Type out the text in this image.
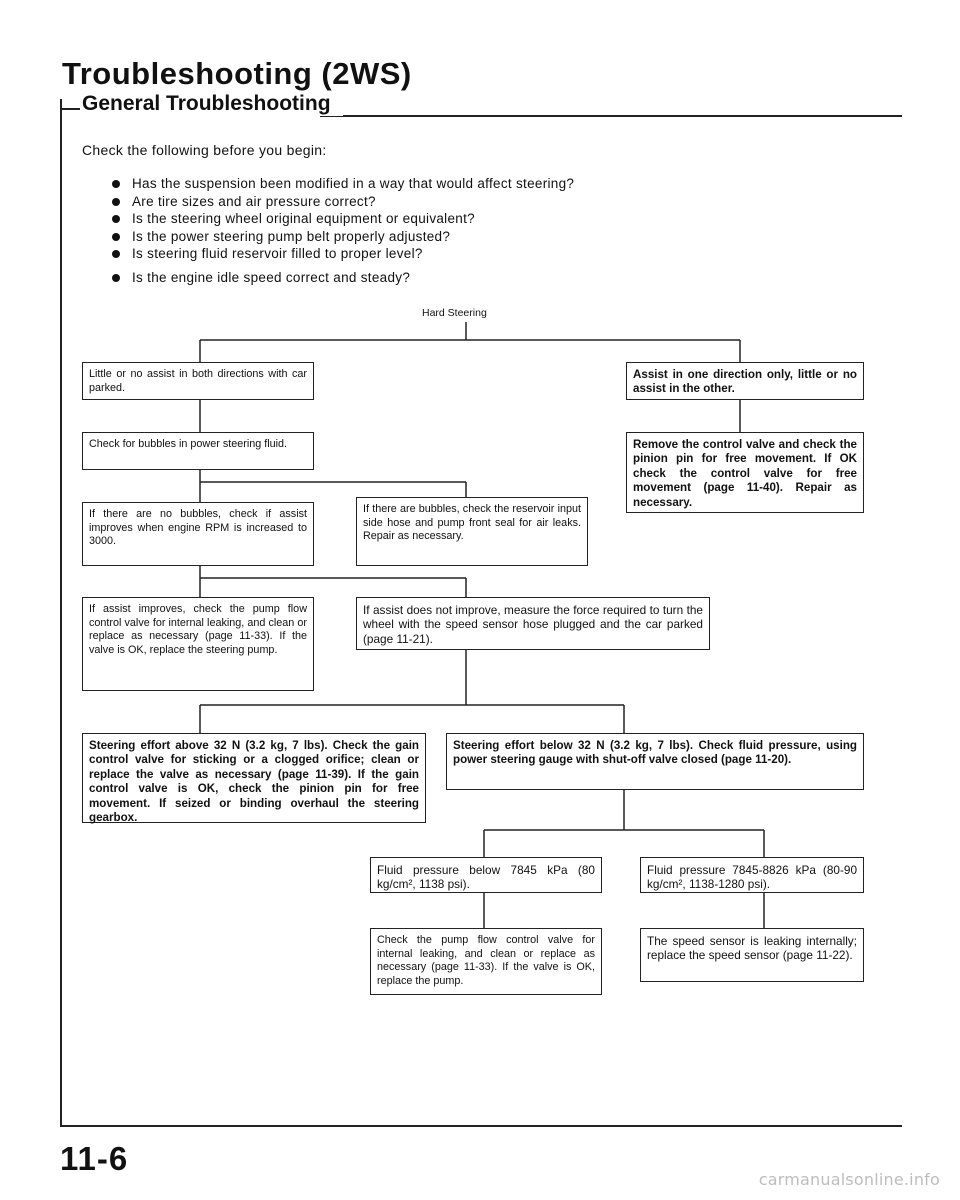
Troubleshooting (2WS)
General Troubleshooting
Check the following before you begin:
Has the suspension been modified in a way that would affect steering?
Are tire sizes and air pressure correct?
Is the steering wheel original equipment or equivalent?
Is the power steering pump belt properly adjusted?
Is steering fluid reservoir filled to proper level?
Is the engine idle speed correct and steady?
Hard Steering
Little or no assist in both directions with car parked.
Assist in one direction only, little or no assist in the other.
Check for bubbles in power steering fluid.	Remove the control valve and check the pinion pin for free movement. If OK check the control valve for free movement (page 11-40). Repair as necessary.
If there are no bubbles, check if assist improves when engine RPM is increased to 3000.
If there are bubbles, check the reservoir input side hose and pump front seal for air leaks. Repair as necessary.
If assist improves, check the pump flow control valve for internal leaking, and clean or replace as necessary (page 11-33). If the valve is OK, replace the steering pump.
If assist does not improve, measure the force required to turn the wheel with the speed sensor hose plugged and the car parked (page 11-21).
Steering effort above 32 N (3.2 kg, 7 lbs). Check the gain control valve for sticking or a clogged orifice; clean or replace the valve as necessary (page 11-39). If the gain control valve is OK, check the pinion pin for free movement. If seized or binding overhaul the steering gearbox.
Steering effort below 32 N (3.2 kg, 7 lbs). Check fluid pressure, using power steering gauge with shut-off valve closed (page 11-20).
Fluid pressure below 7845 kPa (80 kg/cm², 1138 psi).
Fluid pressure 7845-8826 kPa (80-90 kg/cm², 1138-1280 psi).
Check the pump flow control valve for internal leaking, and clean or replace as necessary (page 11-33). If the valve is OK, replace the pump.
The speed sensor is leaking internally; replace the speed sensor (page 11-22).
11-6
carmanualsonline.info
